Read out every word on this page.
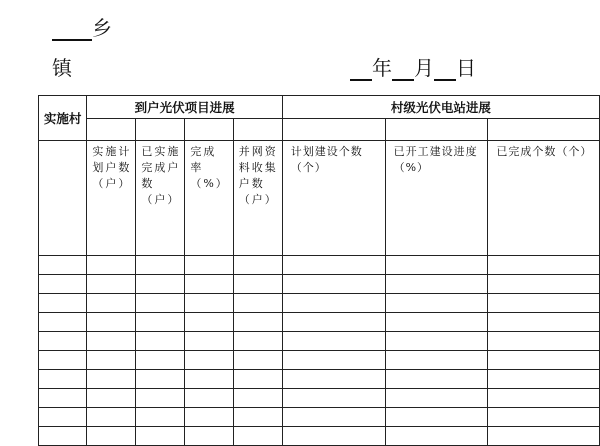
乡
镇	年 月 日
实施村	到户光伏项目进展				村级光伏电站进展		

	实施计划户数（户）	已实施完成户数（户）	完成率（%）	并网资料收集户数（户）	计划建设个数（个）	已开工建设进度（%）	已完成个数（个）
